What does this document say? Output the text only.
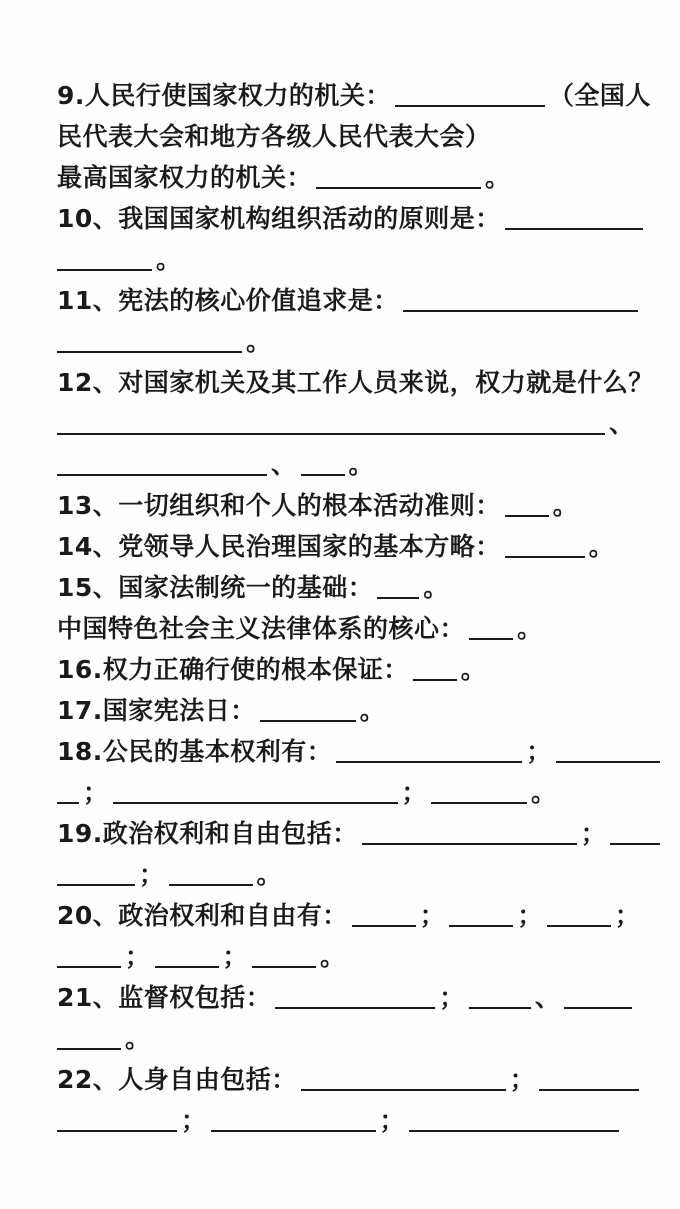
9.人民行使国家权力的机关：	（全国人
民代表大会和地方各级人民代表大会）
最高国家权力的机关：	。
10、我国国家机构组织活动的原则是：
。
11、宪法的核心价值追求是：
。
12、对国家机关及其工作人员来说，权力就是什么？
、
、 。
13、一切组织和个人的根本活动准则： 。
14、党领导人民治理国家的基本方略：	。
15、国家法制统一的基础： 。
中国特色社会主义法律体系的核心： 。
16.权力正确行使的根本保证： 。
17.国家宪法日：	。
18.公民的基本权利有：	；
；	；	。
19.政治权利和自由包括：	；
；	。
20、政治权利和自由有：	；	；	；
；	；	。
21、监督权包括：	；	、
。
22、人身自由包括：	；
；	；
